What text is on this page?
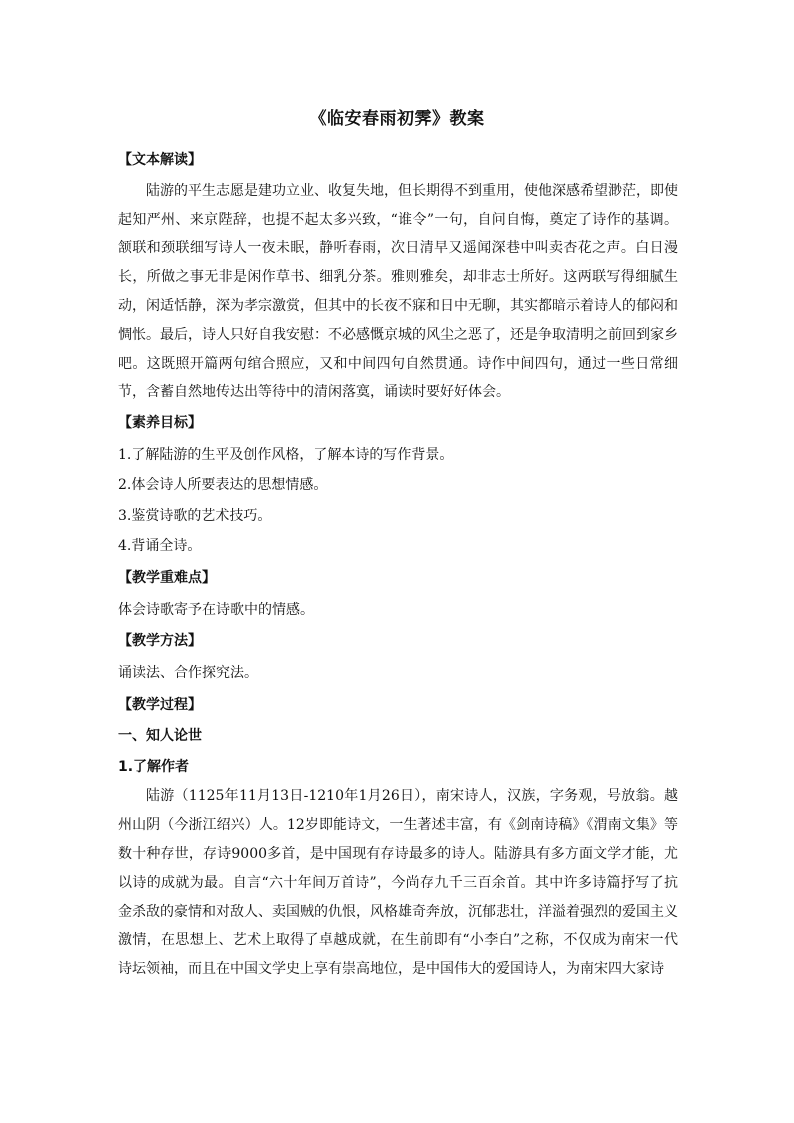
《临安春雨初霁》教案
【文本解读】

陆游的平生志愿是建功立业、收复失地，但长期得不到重用，使他深感希望渺茫，即使起知严州、来京陛辞，也提不起太多兴致，“谁令”一句，自问自悔，奠定了诗作的基调。颔联和颈联细写诗人一夜未眠，静听春雨，次日清早又遥闻深巷中叫卖杏花之声。白日漫长，所做之事无非是闲作草书、细乳分茶。雅则雅矣，却非志士所好。这两联写得细腻生动，闲适恬静，深为孝宗激赏，但其中的长夜不寐和日中无聊，其实都暗示着诗人的郁闷和惆怅。最后，诗人只好自我安慰：不必感慨京城的风尘之恶了，还是争取清明之前回到家乡吧。这既照开篇两句绾合照应，又和中间四句自然贯通。诗作中间四句，通过一些日常细节，含蓄自然地传达出等待中的清闲落寞，诵读时要好好体会。

【素养目标】

1.了解陆游的生平及创作风格，了解本诗的写作背景。

2.体会诗人所要表达的思想情感。

3.鉴赏诗歌的艺术技巧。

4.背诵全诗。

【教学重难点】

体会诗歌寄予在诗歌中的情感。

【教学方法】

诵读法、合作探究法。

【教学过程】

一、知人论世

1.了解作者

陆游（1125年11月13日-1210年1月26日），南宋诗人，汉族，字务观，号放翁。越州山阴（今浙江绍兴）人。12岁即能诗文，一生著述丰富，有《剑南诗稿》《渭南文集》等数十种存世，存诗9000多首，是中国现有存诗最多的诗人。陆游具有多方面文学才能，尤以诗的成就为最。自言“六十年间万首诗”，今尚存九千三百余首。其中许多诗篇抒写了抗金杀敌的豪情和对敌人、卖国贼的仇恨，风格雄奇奔放，沉郁悲壮，洋溢着强烈的爱国主义激情，在思想上、艺术上取得了卓越成就，在生前即有“小李白”之称，不仅成为南宋一代诗坛领袖，而且在中国文学史上享有崇高地位，是中国伟大的爱国诗人，为南宋四大家诗
